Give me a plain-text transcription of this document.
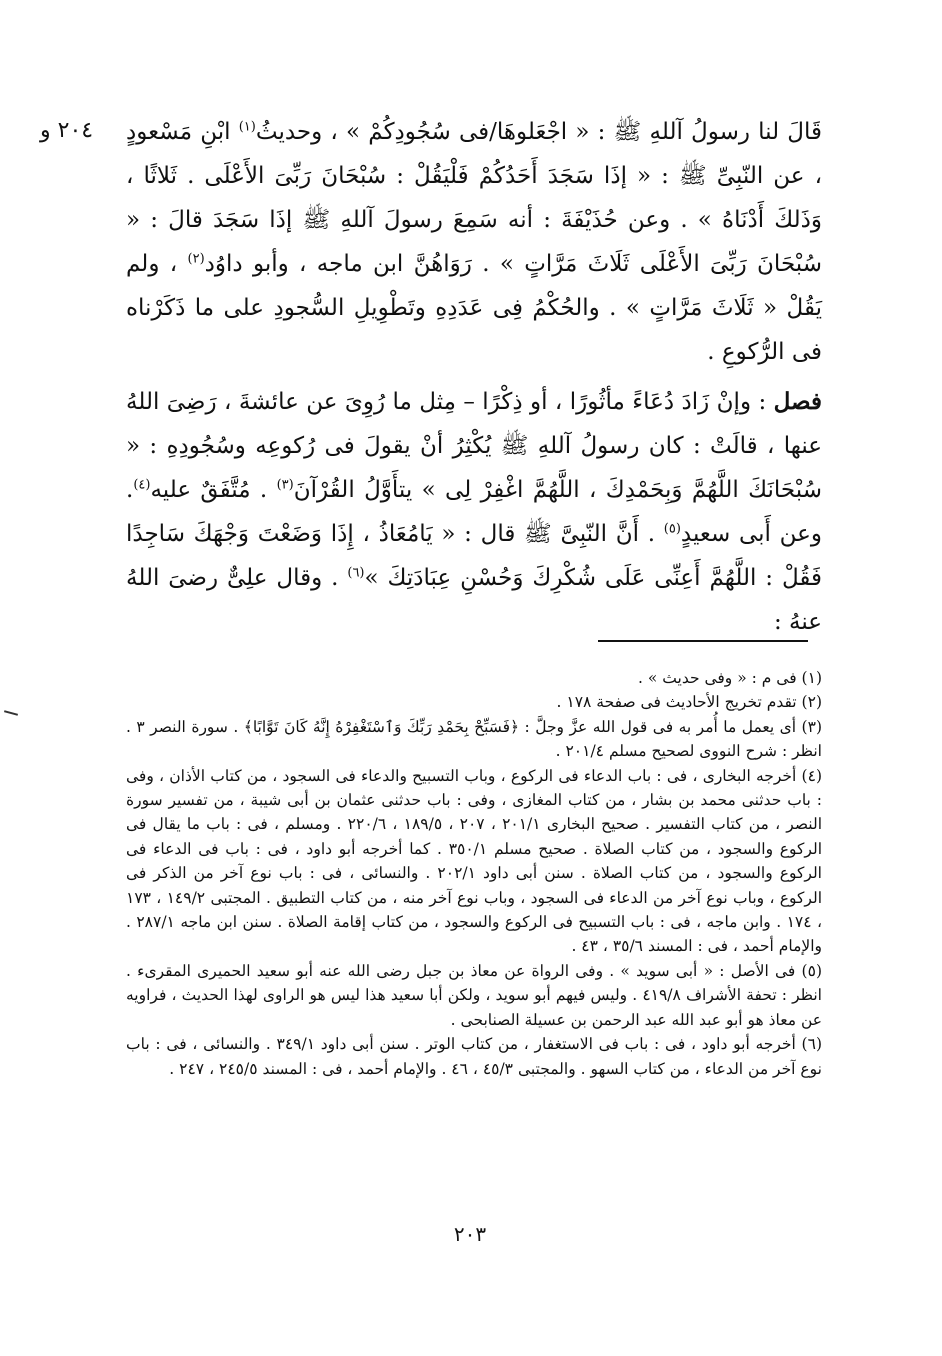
٢٠٤ و	قَالَ لنا رسولُ آللهِ ﷺ : « اجْعَلوهَا/فى سُجُودِكُمْ » ، وحديثُ$^{(١)}$ ابْنِ مَسْعودٍ ، عن النّبِىِّ ﷺ : « إذَا سَجَدَ أَحَدُكُمْ فَلْيَقُلْ : سُبْحَانَ رَبِّىَ الأَعْلَى . ثَلاثًا ، وَذَلكَ أَدْنَاهُ » . وعن حُذَيْفَةَ : أنه سَمِعَ رسولَ آللهِ ﷺ إذَا سَجَدَ قالَ : « سُبْحَانَ رَبِّىَ الأَعْلَى ثَلَاثَ مَرَّاتٍ » . رَوَاهُنَّ ابن ماجه ، وأبو داوُد$^{(٢)}$ ، ولم يَقُلْ « ثَلَاثَ مَرَّاتٍ » . والحُكْمُ فِى عَدَدِهِ وتَطْوِيلِ السُّجودِ على ما ذَكَرْناه فى الرُّكوعِ .

فصل : وإنْ زَادَ دُعَاءً مأثُورًا ، أو ذِكْرًا – مِثل ما رُوِىَ عن عائشةَ ، رَضِىَ اللهُ عنها ، قالَتْ : كان رسولُ آللهِ ﷺ يُكْثِرُ أنْ يقولَ فى رُكوعِه وسُجُودِهِ : « سُبْحَانَكَ اللَّهُمَّ وَبِحَمْدِكَ ، اللَّهُمَّ اغْفِرْ لِى » يتأَوَّلُ القُرْآنَ$^{(٣)}$ . مُتَّفَقٌ عليه$^{(٤)}$. وعن أَبى سعيدٍ$^{(٥)}$ . أَنَّ النّبِىَّ ﷺ قال : « يَامُعَاذُ ، إِذَا وَضَعْتَ وَجْهَكَ سَاجِدًا فَقُلْ : اللَّهُمَّ أَعِنِّى عَلَى شُكْرِكَ وَحُسْنِ عِبَادَتِكَ »$^{(٦)}$ . وقال علِىٌّ رضىَ اللهُ عنهُ :

(١) فى م : « وفى حديث » .

(٢) تقدم تخريج الأحاديث فى صفحة ١٧٨ .

(٣) أى يعمل ما أُمر به فى قول الله عزَّ وجلَّ : ﴿فَسَبِّحْ بِحَمْدِ رَبِّكَ وَٱسْتَغْفِرْهُ إِنَّهُ كَانَ تَوَّابًا﴾ . سورة النصر ٣ . انظر : شرح النووى لصحيح مسلم ٢٠١/٤ .

(٤) أخرجه البخارى ، فى : باب الدعاء فى الركوع ، وباب التسبيح والدعاء فى السجود ، من كتاب الأذان ، وفى : باب حدثنى محمد بن بشار ، من كتاب المغازى ، وفى : باب حدثنى عثمان بن أبى شيبة ، من تفسير سورة النصر ، من كتاب التفسير . صحيح البخارى ٢٠١/١ ، ٢٠٧ ، ١٨٩/٥ ، ٢٢٠/٦ . ومسلم ، فى : باب ما يقال فى الركوع والسجود ، من كتاب الصلاة . صحيح مسلم ٣٥٠/١ . كما أخرجه أبو داود ، فى : باب فى الدعاء فى الركوع والسجود ، من كتاب الصلاة . سنن أبى داود ٢٠٢/١ . والنسائى ، فى : باب نوع آخر من الذكر فى الركوع ، وباب نوع آخر من الدعاء فى السجود ، وباب نوع آخر منه ، من كتاب التطبيق . المجتبى ١٤٩/٢ ، ١٧٣ ، ١٧٤ . وابن ماجه ، فى : باب التسبيح فى الركوع والسجود ، من كتاب إقامة الصلاة . سنن ابن ماجه ٢٨٧/١ . والإمام أحمد ، فى : المسند ٣٥/٦ ، ٤٣ .

(٥) فى الأصل : « أبى سويد » . وفى الرواة عن معاذ بن جبل رضى الله عنه أبو سعيد الحميرى المقرىء . انظر : تحفة الأشراف ٤١٩/٨ . وليس فيهم أبو سويد ، ولكن أبا سعيد هذا ليس هو الراوى لهذا الحديث ، فراويه عن معاذ هو أبو عبد الله عبد الرحمن بن عسيلة الصنابحى .

(٦) أخرجه أبو داود ، فى : باب فى الاستغفار ، من كتاب الوتر . سنن أبى داود ٣٤٩/١ . والنسائى ، فى : باب نوع آخر من الدعاء ، من كتاب السهو . والمجتبى ٤٥/٣ ، ٤٦ . والإمام أحمد ، فى : المسند ٢٤٥/٥ ، ٢٤٧ .

٢٠٣
